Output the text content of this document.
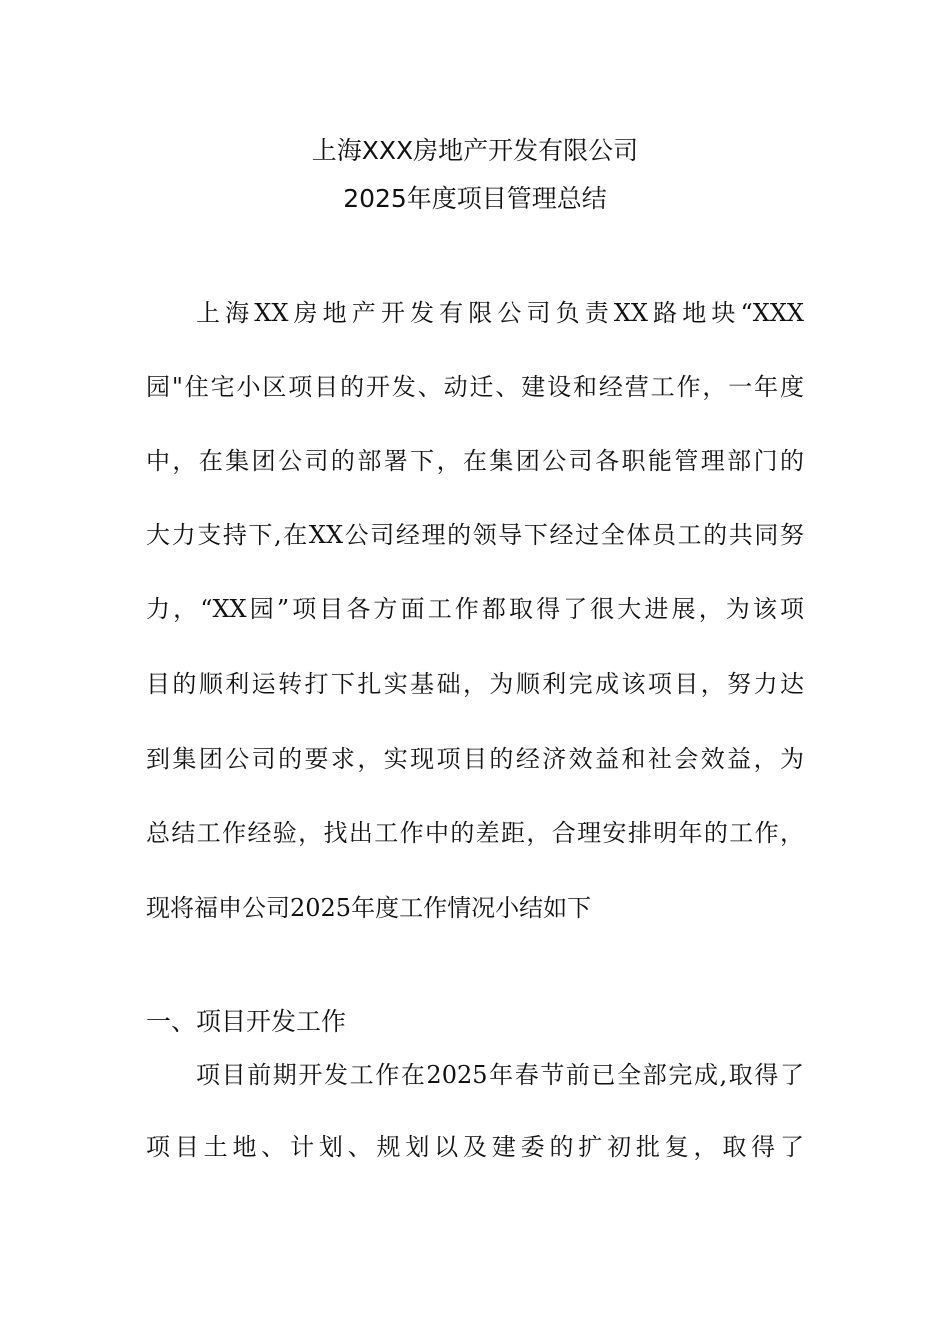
上海XXX房地产开发有限公司
2025年度项目管理总结
上海XX房地产开发有限公司负责XX路地块“XXX
园"住宅小区项目的开发、动迁、建设和经营工作，一年度
中，在集团公司的部署下，在集团公司各职能管理部门的
大力支持下,在XX公司经理的领导下经过全体员工的共同努
力，“XX园”项目各方面工作都取得了很大进展，为该项
目的顺利运转打下扎实基础，为顺利完成该项目，努力达
到集团公司的要求，实现项目的经济效益和社会效益，为
总结工作经验，找出工作中的差距，合理安排明年的工作，
现将福申公司2025年度工作情况小结如下
一、项目开发工作
项目前期开发工作在2025年春节前已全部完成,取得了
项目土地、计划、规划以及建委的扩初批复，取得了
